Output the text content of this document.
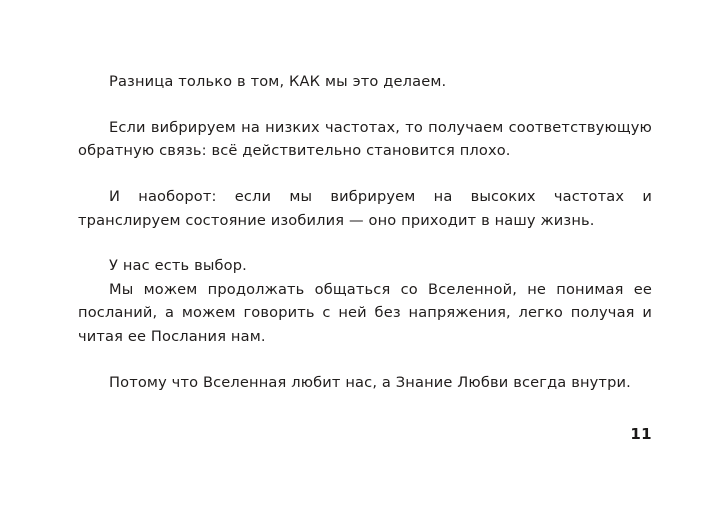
Разница только в том, КАК мы это делаем.

Если вибрируем на низких частотах, то получаем соответствующую обратную связь: всё действительно становится плохо.

И наоборот: если мы вибрируем на высоких частотах и транслируем состояние изобилия — оно приходит в нашу жизнь.

У нас есть выбор.

Мы можем продолжать общаться со Вселенной, не понимая ее посланий, а можем говорить с ней без напряжения, легко получая и читая ее Послания нам.

Потому что Вселенная любит нас, а Знание Любви всегда внутри.

11
